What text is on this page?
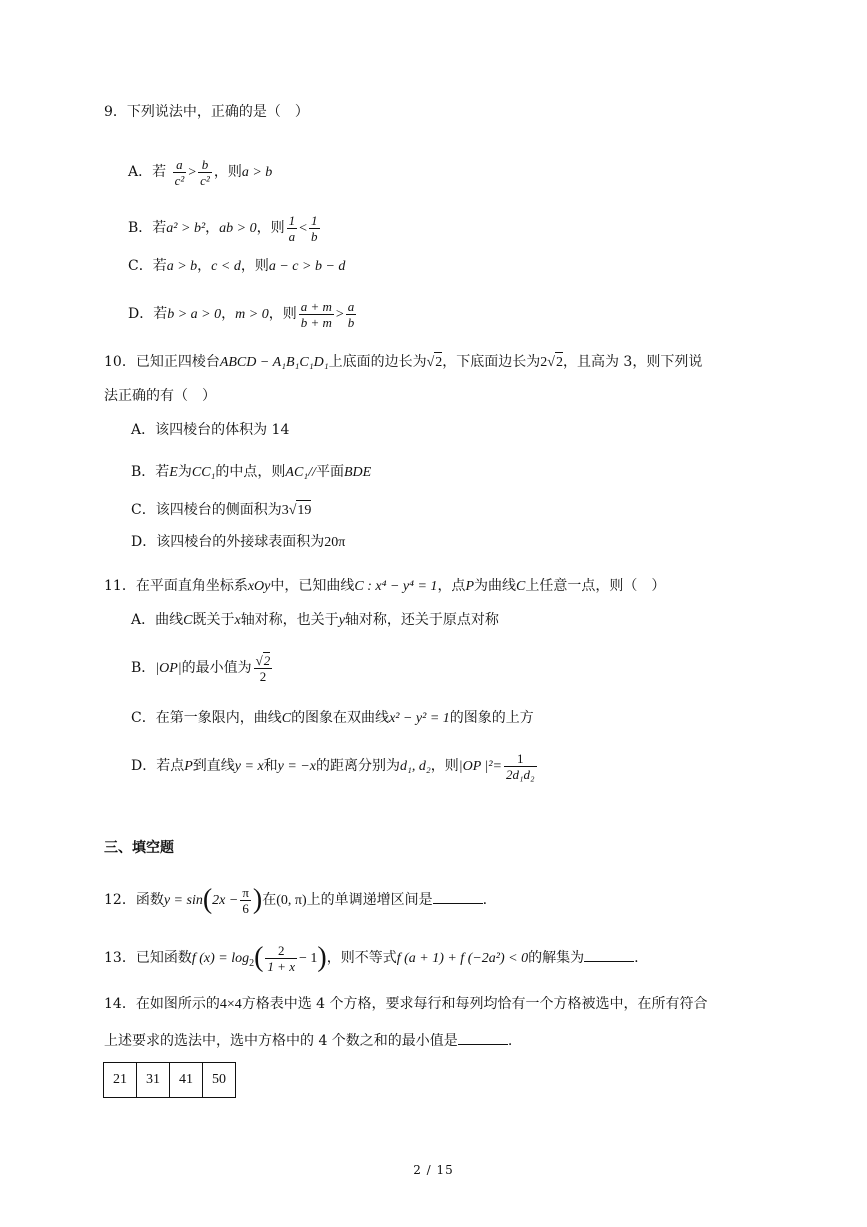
9．下列说法中，正确的是（　）
A．若 $\frac{a}{\text{c²}} > \frac{b}{\text{c²}}$ ，则a > b
B．若a² > b²，ab > 0，则 $\frac{1}{a} < \frac{1}{b}$
C．若a > b，c < d，则a − c > b − d
D．若b > a > 0，m > 0，则 $\frac{a + m}{b + m} > \frac{a}{b}$
10．已知正四棱台ABCD − A₁B₁C₁D₁上底面的边长为√2，下底面边长为2√2，且高为 3，则下列说
法正确的有（　）
A．该四棱台的体积为 14
B．若E为CC₁的中点，则AC₁//平面BDE
C．该四棱台的侧面积为3√19
D．该四棱台的外接球表面积为20π
11．在平面直角坐标系xOy中，已知曲线C : x⁴ − y⁴ = 1，点P为曲线C上任意一点，则（　）
A．曲线C既关于x轴对称，也关于y轴对称，还关于原点对称
B．|OP|的最小值为 $\frac{√2}{2}$
C．在第一象限内，曲线C的图象在双曲线x² − y² = 1的图象的上方
D．若点P到直线y = x和y = −x的距离分别为d₁, d₂，则|OP $|^2= \frac{1}{\text{2d₁d₂}}$
三、填空题
12．函数$y = \sin(2x - \frac{\pi}{6}$ )在(0, π)上的单调递增区间是	.
13．已知函数f $(x) = \log_2( \frac{2}{1 + x} - 1)$，则不等式f (a + 1) + f (−2a²) < 0的解集为	.
14．在如图所示的4×4方格表中选 4 个方格，要求每行和每列均恰有一个方格被选中，在所有符合
上述要求的选法中，选中方格中的 4 个数之和的最小值是	.
21	31	41	50
2 / 15
